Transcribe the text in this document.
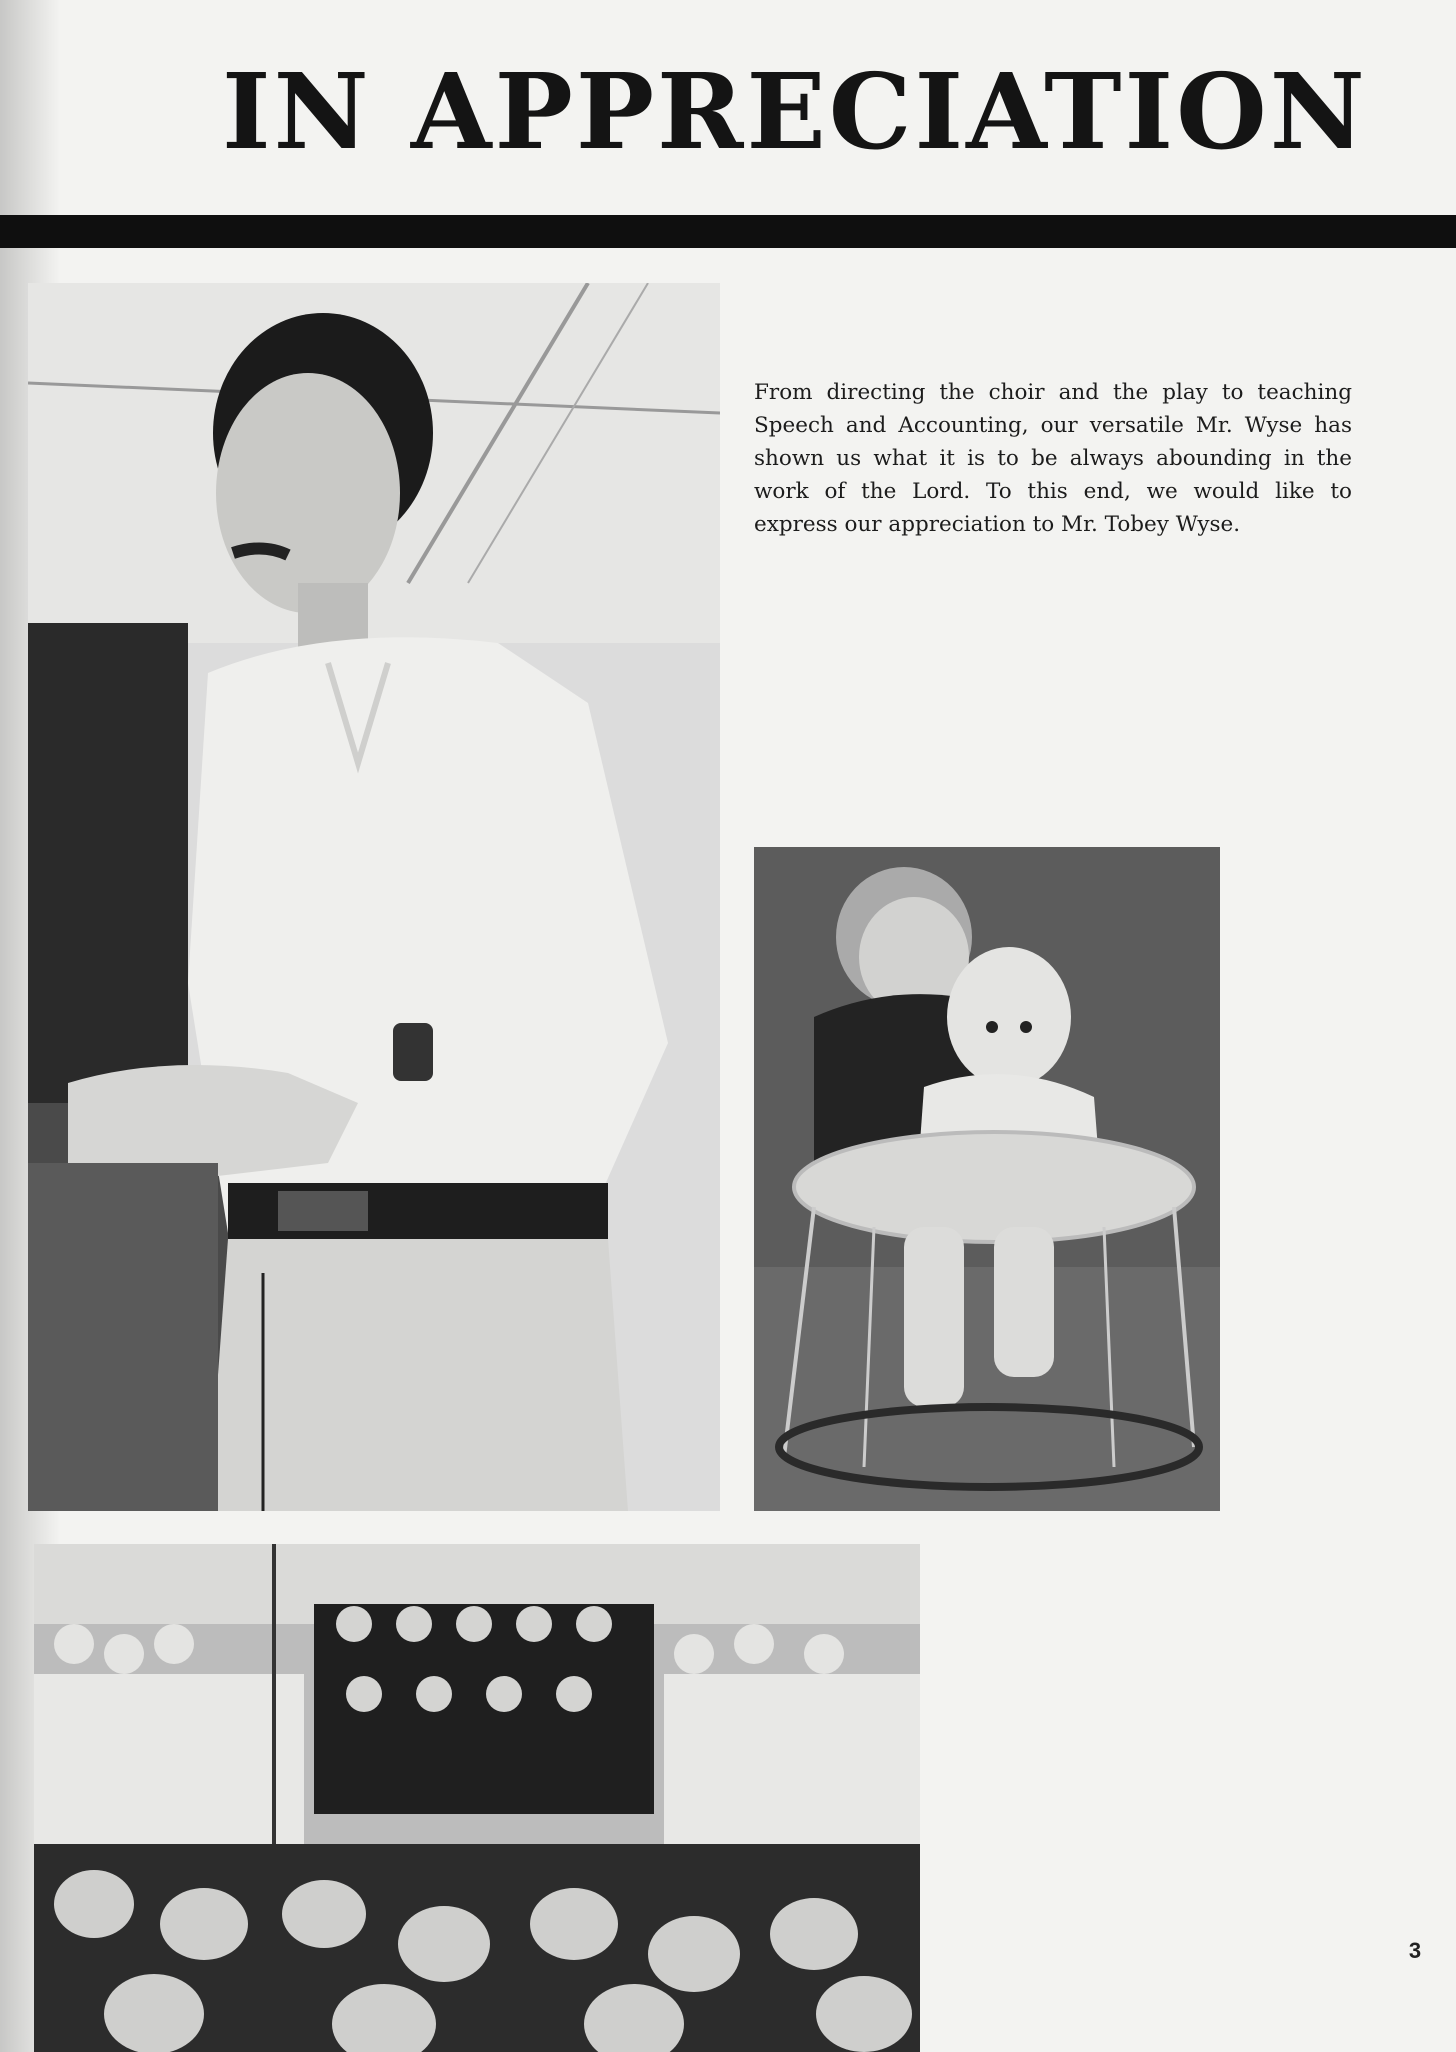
IN APPRECIATION

From directing the choir and the play to teaching Speech and Accounting, our versatile Mr. Wyse has shown us what it is to be always abounding in the work of the Lord. To this end, we would like to express our appreciation to Mr. Tobey Wyse.

3
